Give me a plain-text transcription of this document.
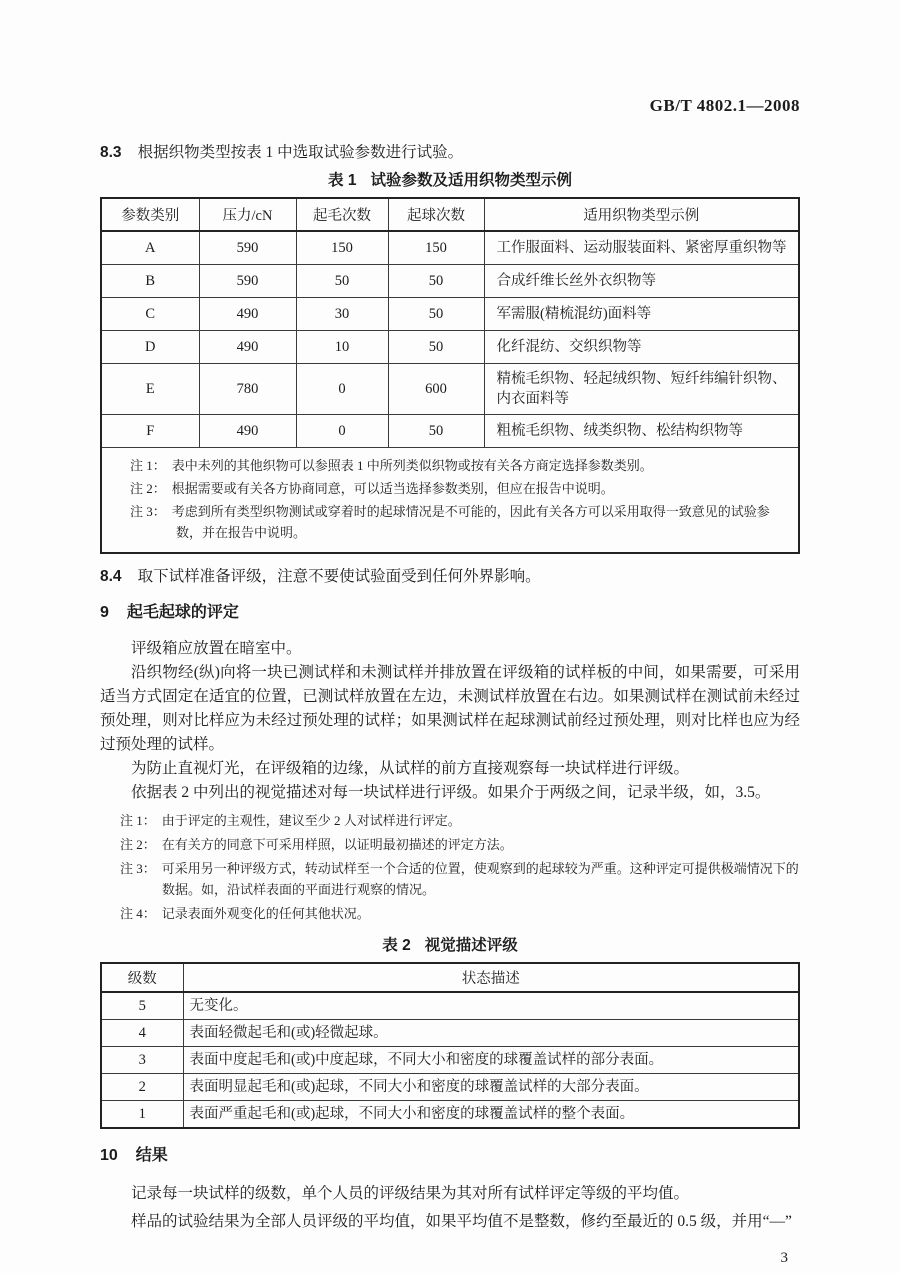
GB/T 4802.1—2008
8.3 根据织物类型按表 1 中选取试验参数进行试验。
表 1 试验参数及适用织物类型示例
参数类别	压力/cN	起毛次数	起球次数	适用织物类型示例
A	590	150	150	工作服面料、运动服装面料、紧密厚重织物等
B	590	50	50	合成纤维长丝外衣织物等
C	490	30	50	军需服(精梳混纺)面料等
D	490	10	50	化纤混纺、交织织物等
E	780	0	600	精梳毛织物、轻起绒织物、短纤纬编针织物、内衣面料等
F	490	0	50	粗梳毛织物、绒类织物、松结构织物等

注 1： 表中未列的其他织物可以参照表 1 中所列类似织物或按有关各方商定选择参数类别。
注 2： 根据需要或有关各方协商同意，可以适当选择参数类别，但应在报告中说明。
注 3： 考虑到所有类型织物测试或穿着时的起球情况是不可能的，因此有关各方可以采用取得一致意见的试验参数，并在报告中说明。				
8.4 取下试样准备评级，注意不要使试验面受到任何外界影响。
9 起毛起球的评定

评级箱应放置在暗室中。

沿织物经(纵)向将一块已测试样和未测试样并排放置在评级箱的试样板的中间，如果需要，可采用适当方式固定在适宜的位置，已测试样放置在左边，未测试样放置在右边。如果测试样在测试前未经过预处理，则对比样应为未经过预处理的试样；如果测试样在起球测试前经过预处理，则对比样也应为经过预处理的试样。

为防止直视灯光，在评级箱的边缘，从试样的前方直接观察每一块试样进行评级。

依据表 2 中列出的视觉描述对每一块试样进行评级。如果介于两级之间，记录半级，如，3.5。

注 1： 由于评定的主观性，建议至少 2 人对试样进行评定。
注 2： 在有关方的同意下可采用样照，以证明最初描述的评定方法。
注 3： 可采用另一种评级方式，转动试样至一个合适的位置，使观察到的起球较为严重。这种评定可提供极端情况下的数据。如，沿试样表面的平面进行观察的情况。
注 4： 记录表面外观变化的任何其他状况。
表 2 视觉描述评级
级数	状态描述
5	无变化。
4	表面轻微起毛和(或)轻微起球。
3	表面中度起毛和(或)中度起球，不同大小和密度的球覆盖试样的部分表面。
2	表面明显起毛和(或)起球，不同大小和密度的球覆盖试样的大部分表面。
1	表面严重起毛和(或)起球，不同大小和密度的球覆盖试样的整个表面。
10 结果

记录每一块试样的级数，单个人员的评级结果为其对所有试样评定等级的平均值。

样品的试验结果为全部人员评级的平均值，如果平均值不是整数，修约至最近的 0.5 级，并用“—”

3
